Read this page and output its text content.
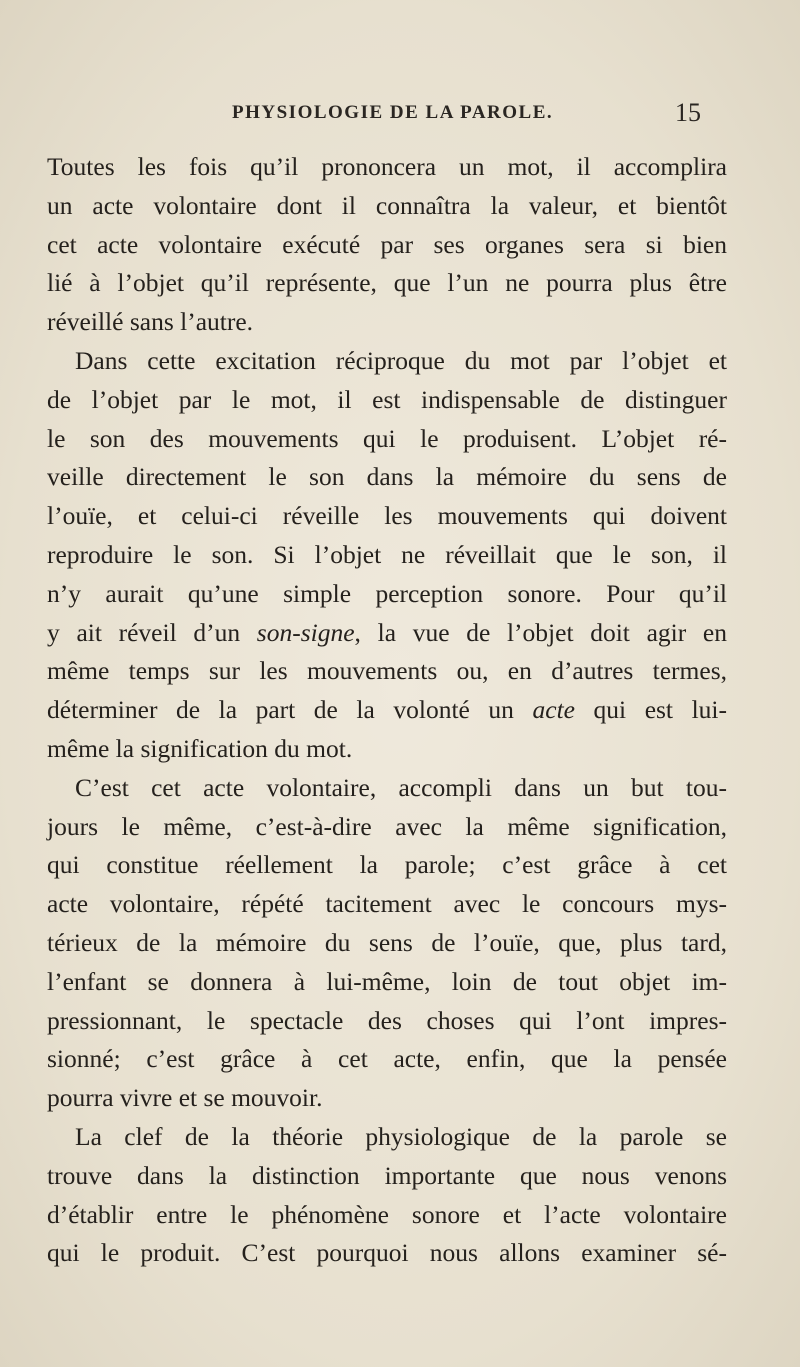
PHYSIOLOGIE DE LA PAROLE.	15
Toutes les fois qu’il prononcera un mot, il accomplira
un acte volontaire dont il connaîtra la valeur, et bientôt
cet acte volontaire exécuté par ses organes sera si bien
lié à l’objet qu’il représente, que l’un ne pourra plus être
réveillé sans l’autre.
Dans cette excitation réciproque du mot par l’objet et
de l’objet par le mot, il est indispensable de distinguer
le son des mouvements qui le produisent. L’objet ré-
veille directement le son dans la mémoire du sens de
l’ouïe, et celui-ci réveille les mouvements qui doivent
reproduire le son. Si l’objet ne réveillait que le son, il
n’y aurait qu’une simple perception sonore. Pour qu’il
y ait réveil d’un son-signe, la vue de l’objet doit agir en
même temps sur les mouvements ou, en d’autres termes,
déterminer de la part de la volonté un acte qui est lui-
même la signification du mot.
C’est cet acte volontaire, accompli dans un but tou-
jours le même, c’est-à-dire avec la même signification,
qui constitue réellement la parole; c’est grâce à cet
acte volontaire, répété tacitement avec le concours mys-
térieux de la mémoire du sens de l’ouïe, que, plus tard,
l’enfant se donnera à lui-même, loin de tout objet im-
pressionnant, le spectacle des choses qui l’ont impres-
sionné; c’est grâce à cet acte, enfin, que la pensée
pourra vivre et se mouvoir.
La clef de la théorie physiologique de la parole se
trouve dans la distinction importante que nous venons
d’établir entre le phénomène sonore et l’acte volontaire
qui le produit. C’est pourquoi nous allons examiner sé-
